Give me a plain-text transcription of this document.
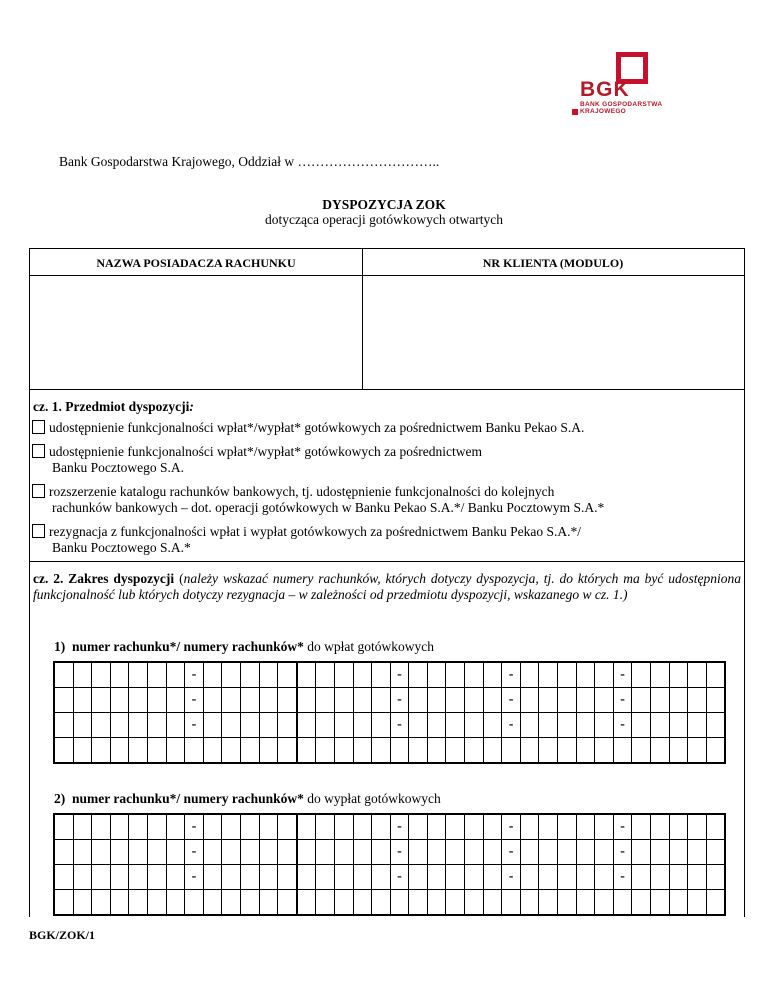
BGK
BANK GOSPODARSTWA
KRAJOWEGO
Bank Gospodarstwa Krajowego, Oddział w …………………………..
DYSPOZYCJA ZOK
dotycząca operacji gotówkowych otwartych
NAZWA POSIADACZA RACHUNKU	NR KLIENTA (MODULO)
cz. 1. Przedmiot dyspozycji:
udostępnienie funkcjonalności wpłat*/wypłat* gotówkowych za pośrednictwem Banku Pekao S.A.
udostępnienie funkcjonalności wpłat*/wypłat* gotówkowych za pośrednictwem
Banku Pocztowego S.A.
rozszerzenie katalogu rachunków bankowych, tj. udostępnienie funkcjonalności do kolejnych
rachunków bankowych – dot. operacji gotówkowych w Banku Pekao S.A.*/ Banku Pocztowym S.A.*
rezygnacja z funkcjonalności wpłat i wypłat gotówkowych za pośrednictwem Banku Pekao S.A.*/
Banku Pocztowego S.A.*
cz. 2. Zakres dyspozycji (należy wskazać numery rachunków, których dotyczy dyspozycja, tj. do których ma być udostępniona funkcjonalność lub których dotyczy rezygnacja – w zależności od przedmiotu dyspozycji, wskazanego w cz. 1.)
1) numer rachunku*/ numery rachunków* do wpłat gotówkowych
							-											-						-						-					
							-											-						-						-					
							-											-						-						-					

2) numer rachunku*/ numery rachunków* do wypłat gotówkowych
							-											-						-						-					
							-											-						-						-					
							-											-						-						-					

BGK/ZOK/1
